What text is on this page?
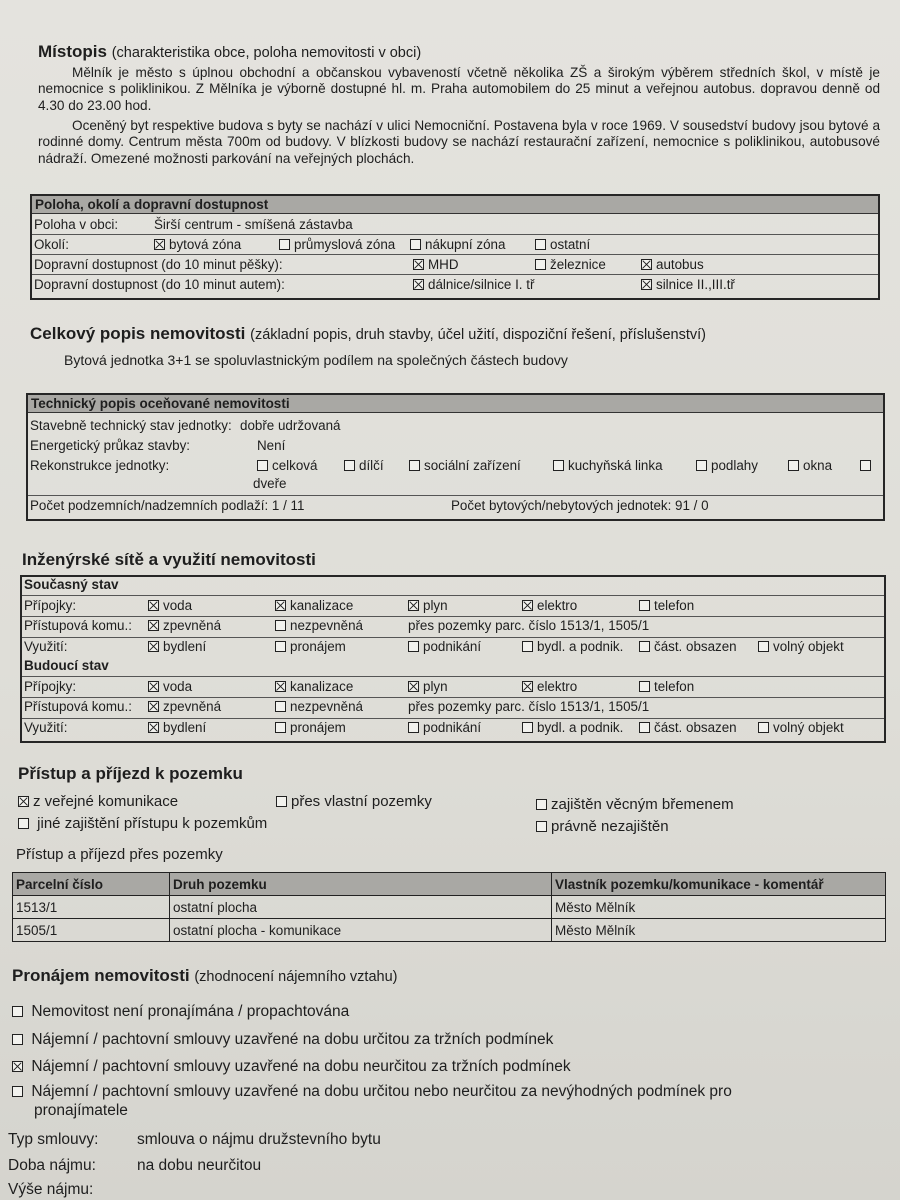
Místopis (charakteristika obce, poloha nemovitosti v obci)
Mělník je město s úplnou obchodní a občanskou vybaveností včetně několika ZŠ a širokým výběrem středních škol, v místě je nemocnice s poliklinikou. Z Mělníka je výborně dostupné hl. m. Praha automobilem do 25 minut a veřejnou autobus. dopravou denně od 4.30 do 23.00 hod.
Oceněný byt respektive budova s byty se nachází v ulici Nemocniční. Postavena byla v roce 1969. V sousedství budovy jsou bytové a rodinné domy. Centrum města 700m od budovy. V blízkosti budovy se nachází restaurační zařízení, nemocnice s poliklinikou, autobusové nádraží. Omezené možnosti parkování na veřejných plochách.
Poloha, okolí a dopravní dostupnost
Poloha v obci:	Širší centrum - smíšená zástavba
Okolí:	bytová zóna	průmyslová zóna	nákupní zóna	ostatní
Dopravní dostupnost (do 10 minut pěšky):	MHD	železnice	autobus
Dopravní dostupnost (do 10 minut autem):	dálnice/silnice I. tř	silnice II.,III.tř
Celkový popis nemovitosti (základní popis, druh stavby, účel užití, dispoziční řešení, příslušenství)
Bytová jednotka 3+1 se spoluvlastnickým podílem na společných částech budovy
Technický popis oceňované nemovitosti
Stavebně technický stav jednotky: dobře udržovaná
Energetický průkaz stavby:	Není
Rekonstrukce jednotky:	celková	dílčí	sociální zařízení	kuchyňská linka	podlahy	okna
dveře
Počet podzemních/nadzemních podlaží: 1 / 11	Počet bytových/nebytových jednotek: 91 / 0
Inženýrské sítě a využití nemovitosti
Současný stav
Přípojky:	voda	kanalizace	plyn	elektro	telefon
Přístupová komu.:	zpevněná	nezpevněná	přes pozemky parc. číslo 1513/1, 1505/1
Využití:	bydlení	pronájem	podnikání	bydl. a podnik.	část. obsazen	volný objekt
Budoucí stav
Přípojky:	voda	kanalizace	plyn	elektro	telefon
Přístupová komu.:	zpevněná	nezpevněná	přes pozemky parc. číslo 1513/1, 1505/1
Využití:	bydlení	pronájem	podnikání	bydl. a podnik.	část. obsazen	volný objekt
Přístup a příjezd k pozemku
z veřejné komunikace	přes vlastní pozemky	zajištěn věcným břemenem
jiné zajištění přístupu k pozemkům	právně nezajištěn
Přístup a příjezd přes pozemky
Parcelní číslo	Druh pozemku	Vlastník pozemku/komunikace - komentář
1513/1	ostatní plocha	Město Mělník
1505/1	ostatní plocha - komunikace	Město Mělník
Pronájem nemovitosti (zhodnocení nájemního vztahu)
Nemovitost není pronajímána / propachtována
Nájemní / pachtovní smlouvy uzavřené na dobu určitou za tržních podmínek
Nájemní / pachtovní smlouvy uzavřené na dobu neurčitou za tržních podmínek
Nájemní / pachtovní smlouvy uzavřené na dobu určitou nebo neurčitou za nevýhodných podmínek pro
pronajímatele
Typ smlouvy: smlouva o nájmu družstevního bytu
Doba nájmu:	na dobu neurčitou
Výše nájmu:
